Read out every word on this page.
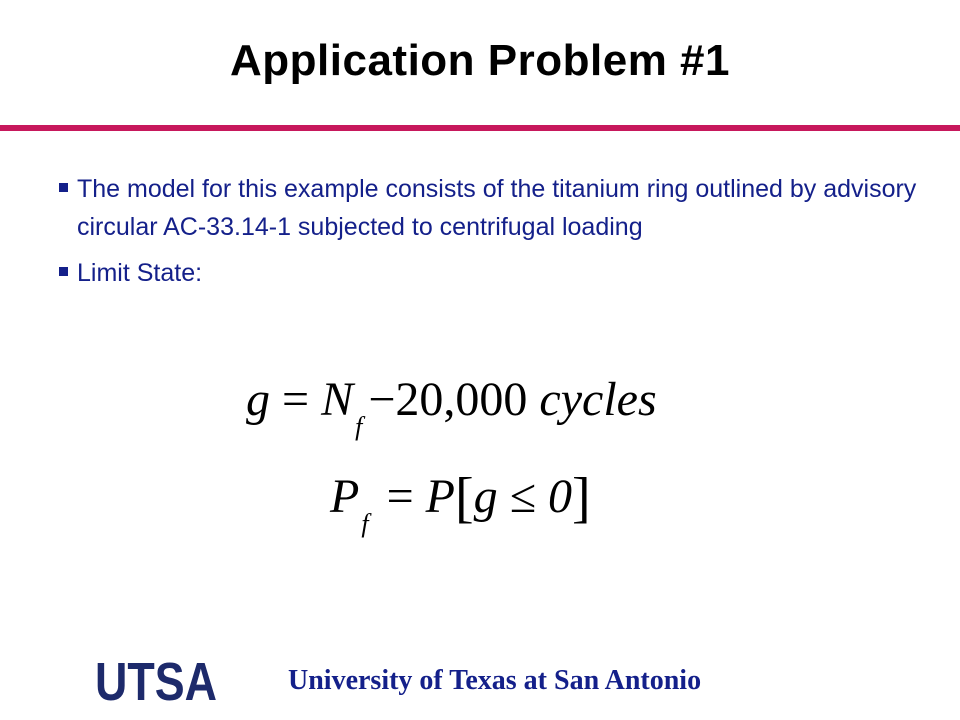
Application Problem #1
The model for this example consists of the titanium ring outlined by advisory circular AC-33.14-1 subjected to centrifugal loading
Limit State:
$g = N_f-20,000$ cycles
$P_f = P[g \le 0]$
UTSA	University of Texas at San Antonio
